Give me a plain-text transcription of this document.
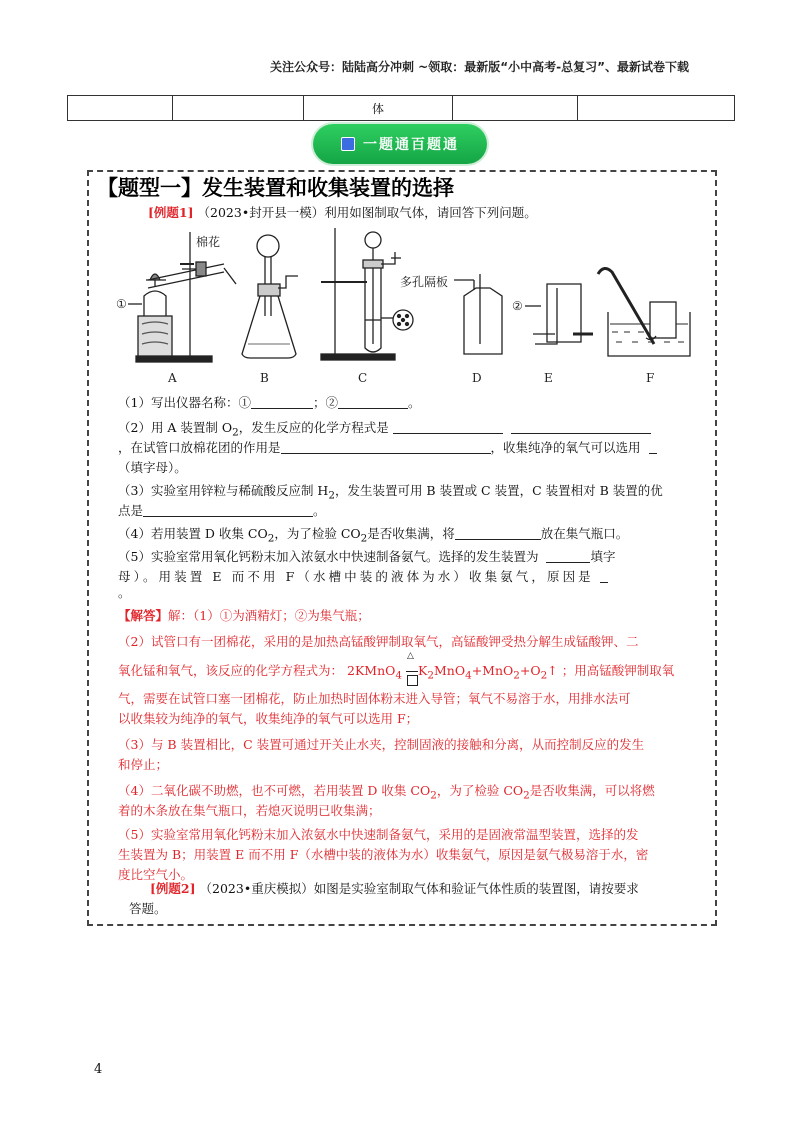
关注公众号：陆陆高分冲刺 ~领取：最新版“小中高考-总复习”、最新试卷下载
		体		
一题通百题通
【题型一】发生装置和收集装置的选择
[例题1] （2023•封开县一模）利用如图制取气体，请回答下列问题。
A	B	C	D	E	F
棉花
多孔隔板
①	②
（1）写出仪器名称：①	；②	。
（2）用 A 装置制 $O_2$，发生反应的化学方程式是
，在试管口放棉花团的作用是	，收集纯净的氧气可以选用
（填字母）。
（3）实验室用锌粒与稀硫酸反应制 $H_2$，发生装置可用 B 装置或 C 装置，C 装置相对 B 装置的优
点是	。
（4）若用装置 D 收集 $CO_2$，为了检验 $CO_2$是否收集满，将	放在集气瓶口。
（5）实验室常用氧化钙粉末加入浓氨水中快速制备氨气。选择的发生装置为	填字
母）。用装置 E 而不用 F（水槽中装的液体为水）收集氨气，原因是
。
【解答】解：（1）①为酒精灯；②为集气瓶；
（2）试管口有一团棉花，采用的是加热高锰酸钾制取氧气，高锰酸钾受热分解生成锰酸钾、二
氧化锰和氧气，该反应的化学方程式为： 2KMnO$_4$
△
$K_2MnO_4+MnO_2+O_2↑$ ；用高锰酸钾制取氧
气，需要在试管口塞一团棉花，防止加热时固体粉末进入导管；氧气不易溶于水，用排水法可
以收集较为纯净的氧气，收集纯净的氧气可以选用 F；
（3）与 B 装置相比，C 装置可通过开关止水夹，控制固液的接触和分离，从而控制反应的发生
和停止；
（4）二氧化碳不助燃，也不可燃，若用装置 D 收集 $CO_2$，为了检验 $CO_2$是否收集满，可以将燃
着的木条放在集气瓶口，若熄灭说明已收集满；
（5）实验室常用氧化钙粉末加入浓氨水中快速制备氨气，采用的是固液常温型装置，选择的发
生装置为 B；用装置 E 而不用 F（水槽中装的液体为水）收集氨气，原因是氨气极易溶于水，密
度比空气小。
[例题2] （2023•重庆模拟）如图是实验室制取气体和验证气体性质的装置图，请按要求
答题。
4
